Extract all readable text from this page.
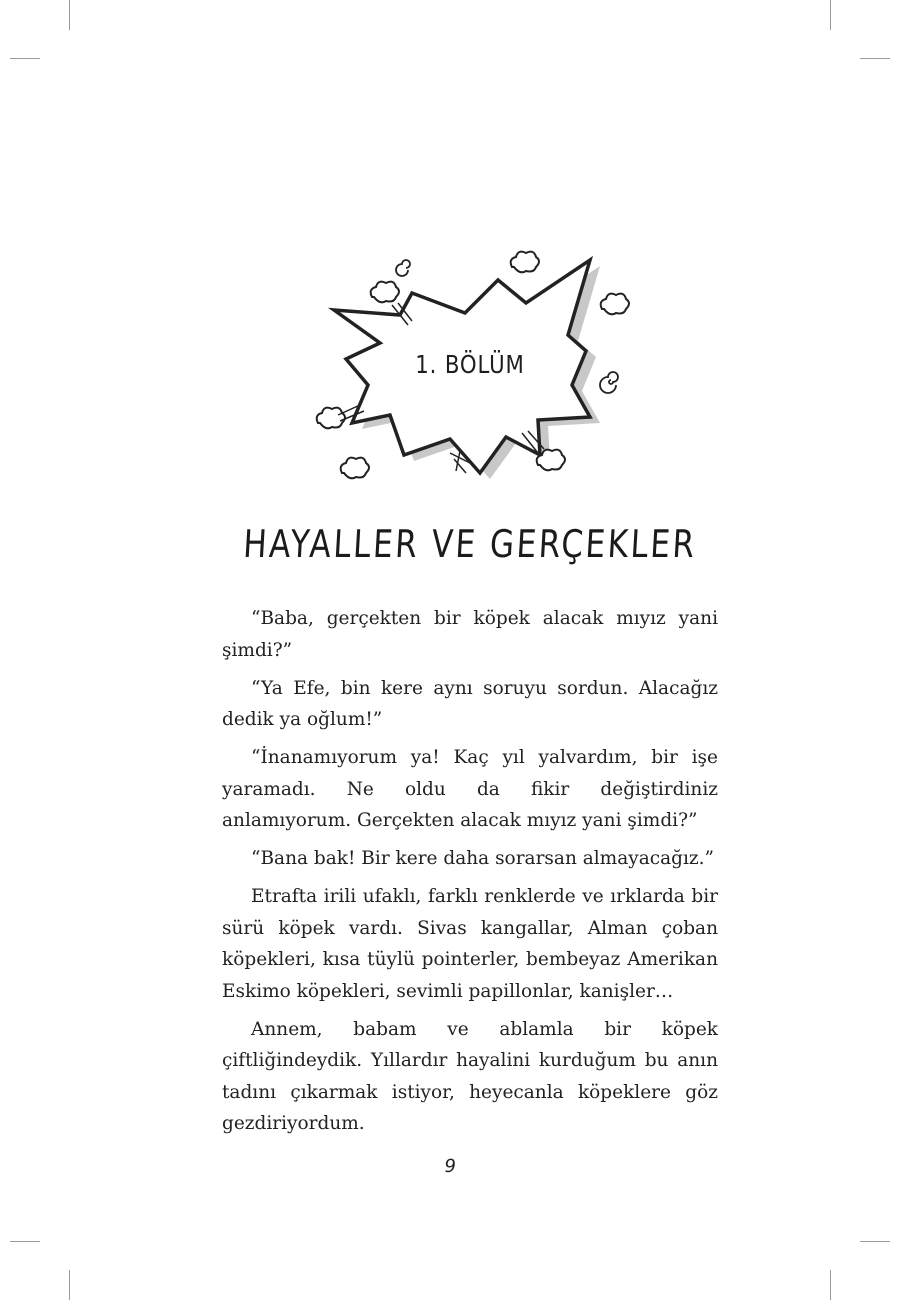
1. BÖLÜM
HAYALLER VE GERÇEKLER

“Baba, gerçekten bir köpek alacak mıyız yani şimdi?”

“Ya Efe, bin kere aynı soruyu sordun. Alacağız dedik ya oğlum!”

“İnanamıyorum ya! Kaç yıl yalvardım, bir işe yaramadı. Ne oldu da fikir değiştirdiniz anlamıyorum. Gerçekten alacak mıyız yani şimdi?”

“Bana bak! Bir kere daha sorarsan almayacağız.”

Etrafta irili ufaklı, farklı renklerde ve ırklarda bir sürü köpek vardı. Sivas kangallar, Alman çoban köpekleri, kısa tüylü pointerler, bembeyaz Amerikan Eskimo köpekleri, sevimli papillonlar, kanişler…

Annem, babam ve ablamla bir köpek çiftliğindeydik. Yıllardır hayalini kurduğum bu anın tadını çıkarmak istiyor, heyecanla köpeklere göz gezdiriyordum.

9
